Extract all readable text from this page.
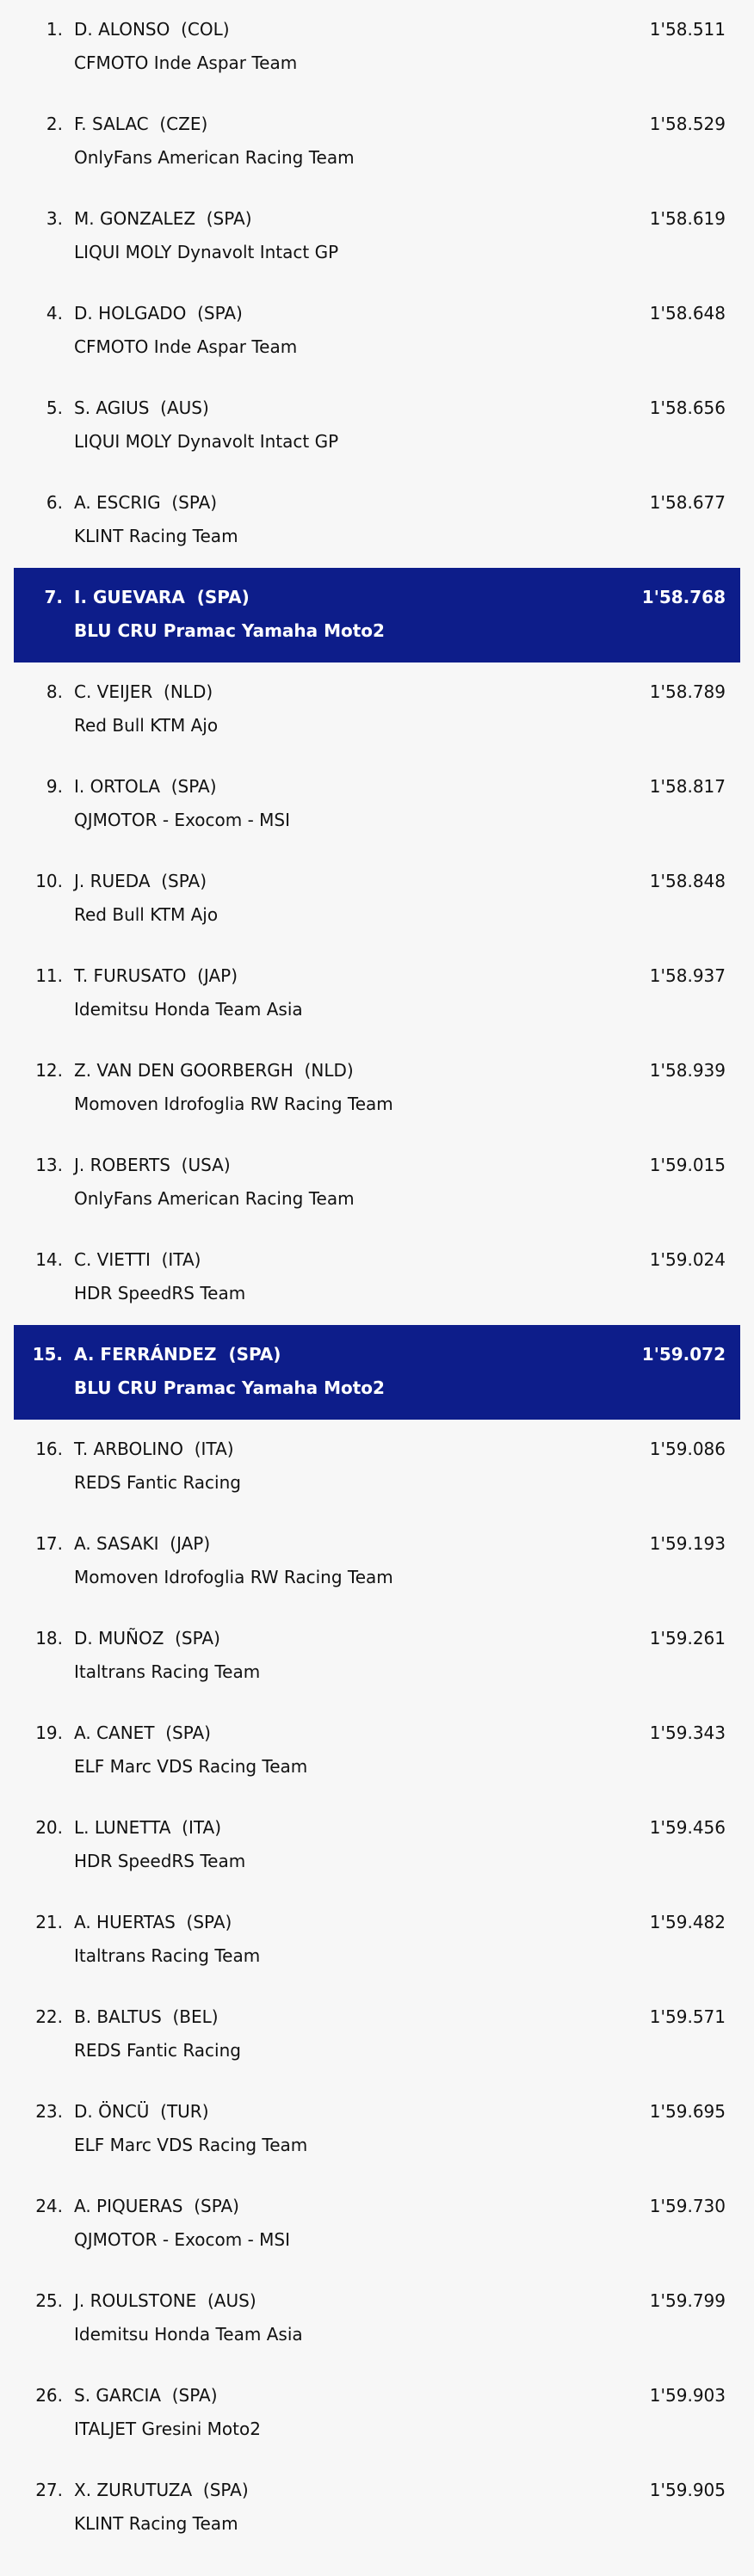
1. D. ALONSO  (COL)
CFMOTO Inde Aspar Team
1'58.511
2. F. SALAC  (CZE)
OnlyFans American Racing Team
1'58.529
3. M. GONZALEZ  (SPA)
LIQUI MOLY Dynavolt Intact GP
1'58.619
4. D. HOLGADO  (SPA)
CFMOTO Inde Aspar Team
1'58.648
5. S. AGIUS  (AUS)
LIQUI MOLY Dynavolt Intact GP
1'58.656
6. A. ESCRIG  (SPA)
KLINT Racing Team
1'58.677
7. I. GUEVARA  (SPA)
BLU CRU Pramac Yamaha Moto2
1'58.768
8. C. VEIJER  (NLD)
Red Bull KTM Ajo
1'58.789
9. I. ORTOLA  (SPA)
QJMOTOR - Exocom - MSI
1'58.817
10. J. RUEDA  (SPA)
Red Bull KTM Ajo
1'58.848
11. T. FURUSATO  (JAP)
Idemitsu Honda Team Asia
1'58.937
12. Z. VAN DEN GOORBERGH  (NLD)
Momoven Idrofoglia RW Racing Team
1'58.939
13. J. ROBERTS  (USA)
OnlyFans American Racing Team
1'59.015
14. C. VIETTI  (ITA)
HDR SpeedRS Team
1'59.024
15. A. FERRÁNDEZ  (SPA)
BLU CRU Pramac Yamaha Moto2
1'59.072
16. T. ARBOLINO  (ITA)
REDS Fantic Racing
1'59.086
17. A. SASAKI  (JAP)
Momoven Idrofoglia RW Racing Team
1'59.193
18. D. MUÑOZ  (SPA)
Italtrans Racing Team
1'59.261
19. A. CANET  (SPA)
ELF Marc VDS Racing Team
1'59.343
20. L. LUNETTA  (ITA)
HDR SpeedRS Team
1'59.456
21. A. HUERTAS  (SPA)
Italtrans Racing Team
1'59.482
22. B. BALTUS  (BEL)
REDS Fantic Racing
1'59.571
23. D. ÖNCÜ  (TUR)
ELF Marc VDS Racing Team
1'59.695
24. A. PIQUERAS  (SPA)
QJMOTOR - Exocom - MSI
1'59.730
25. J. ROULSTONE  (AUS)
Idemitsu Honda Team Asia
1'59.799
26. S. GARCIA  (SPA)
ITALJET Gresini Moto2
1'59.903
27. X. ZURUTUZA  (SPA)
KLINT Racing Team
1'59.905
